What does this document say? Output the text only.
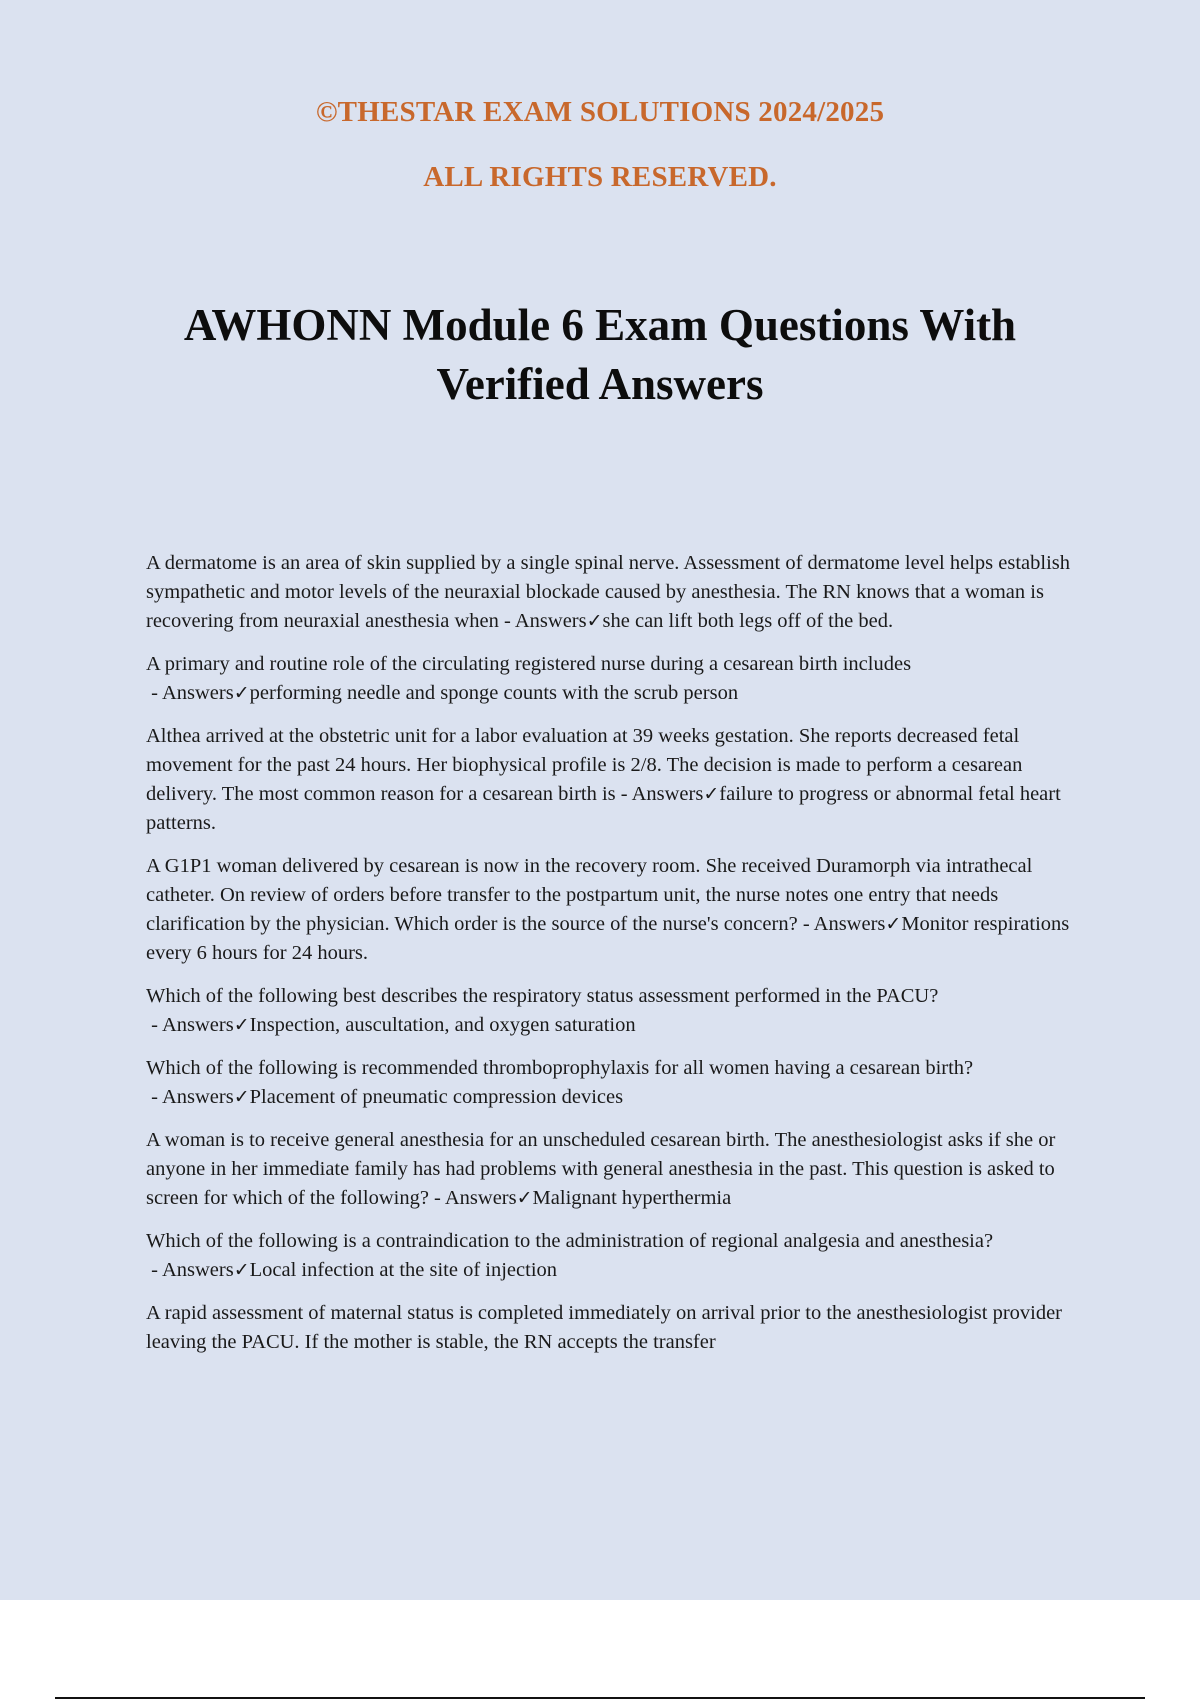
©THESTAR EXAM SOLUTIONS 2024/2025
ALL RIGHTS RESERVED.
AWHONN Module 6 Exam Questions With
Verified Answers

A dermatome is an area of skin supplied by a single spinal nerve. Assessment of dermatome level helps establish sympathetic and motor levels of the neuraxial blockade caused by anesthesia. The RN knows that a woman is recovering from neuraxial anesthesia when - Answers✓she can lift both legs off of the bed.

A primary and routine role of the circulating registered nurse during a cesarean birth includes - Answers✓performing needle and sponge counts with the scrub person

Althea arrived at the obstetric unit for a labor evaluation at 39 weeks gestation. She reports decreased fetal movement for the past 24 hours. Her biophysical profile is 2/8. The decision is made to perform a cesarean delivery. The most common reason for a cesarean birth is - Answers✓failure to progress or abnormal fetal heart patterns.

A G1P1 woman delivered by cesarean is now in the recovery room. She received Duramorph via intrathecal catheter. On review of orders before transfer to the postpartum unit, the nurse notes one entry that needs clarification by the physician. Which order is the source of the nurse's concern? - Answers✓Monitor respirations every 6 hours for 24 hours.

Which of the following best describes the respiratory status assessment performed in the PACU? - Answers✓Inspection, auscultation, and oxygen saturation

Which of the following is recommended thromboprophylaxis for all women having a cesarean birth? - Answers✓Placement of pneumatic compression devices

A woman is to receive general anesthesia for an unscheduled cesarean birth. The anesthesiologist asks if she or anyone in her immediate family has had problems with general anesthesia in the past. This question is asked to screen for which of the following? - Answers✓Malignant hyperthermia

Which of the following is a contraindication to the administration of regional analgesia and anesthesia? - Answers✓Local infection at the site of injection

A rapid assessment of maternal status is completed immediately on arrival prior to the anesthesiologist provider leaving the PACU. If the mother is stable, the RN accepts the transfer
